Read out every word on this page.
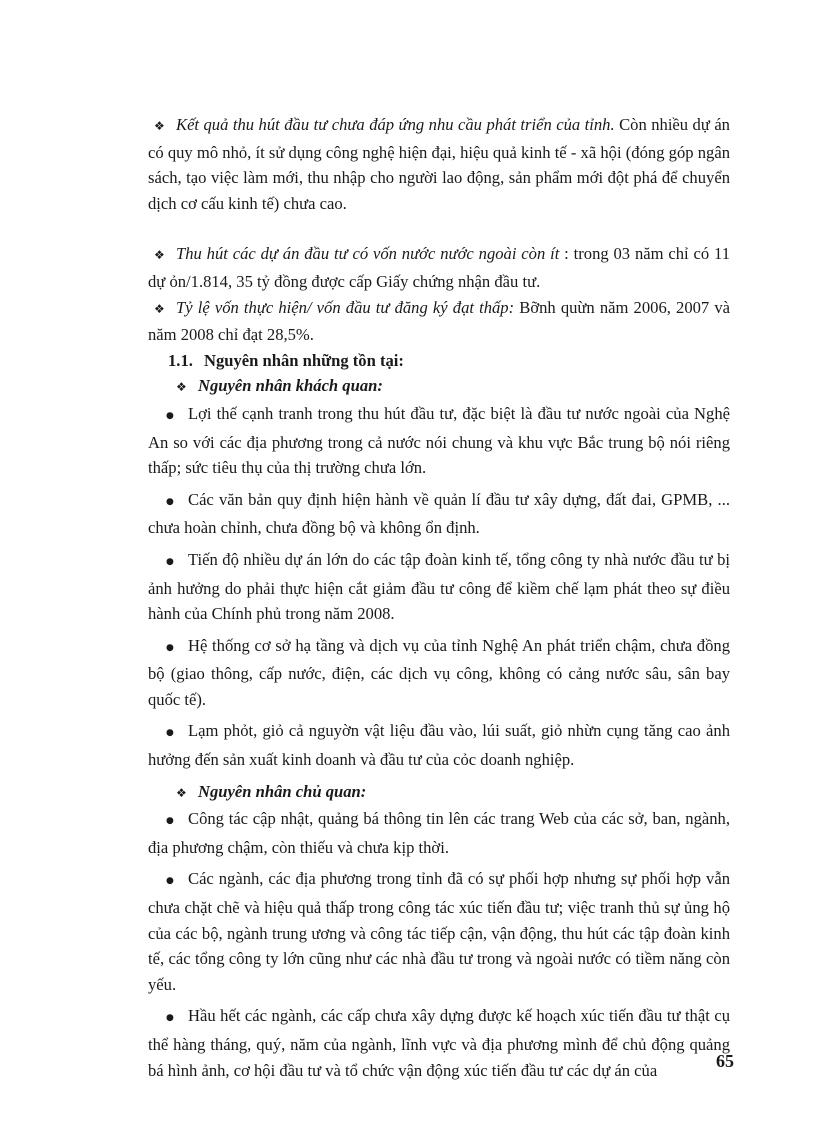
❖ Kết quả thu hút đầu tư chưa đáp ứng nhu cầu phát triển của tỉnh. Còn nhiều dự án có quy mô nhỏ, ít sử dụng công nghệ hiện đại, hiệu quả kinh tế - xã hội (đóng góp ngân sách, tạo việc làm mới, thu nhập cho người lao động, sản phẩm mới đột phá để chuyển dịch cơ cấu kinh tế) chưa cao.

❖ Thu hút các dự án đầu tư có vốn nước nước ngoài còn ít : trong 03 năm chỉ có 11 dự ỏn/1.814, 35 tỷ đồng được cấp Giấy chứng nhận đầu tư.

❖ Tỷ lệ vốn thực hiện/ vốn đầu tư đăng ký đạt thấp: Bỡnh quừn năm 2006, 2007 và năm 2008 chỉ đạt 28,5%.

1.1. Nguyên nhân những tồn tại:

❖ Nguyên nhân khách quan:

● Lợi thế cạnh tranh trong thu hút đầu tư, đặc biệt là đầu tư nước ngoài của Nghệ An so với các địa phương trong cả nước nói chung và khu vực Bắc trung bộ nói riêng thấp; sức tiêu thụ của thị trường chưa lớn.

● Các văn bản quy định hiện hành về quản lí đầu tư xây dựng, đất đai, GPMB, ... chưa hoàn chỉnh, chưa đồng bộ và không ổn định.

● Tiến độ nhiều dự án lớn do các tập đoàn kinh tế, tổng công ty nhà nước đầu tư bị ảnh hưởng do phải thực hiện cắt giảm đầu tư công để kiềm chế lạm phát theo sự điều hành của Chính phủ trong năm 2008.

● Hệ thống cơ sở hạ tầng và dịch vụ của tỉnh Nghệ An phát triển chậm, chưa đồng bộ (giao thông, cấp nước, điện, các dịch vụ công, không có cảng nước sâu, sân bay quốc tế).

● Lạm phỏt, giỏ cả nguyờn vật liệu đầu vào, lúi suất, giỏ nhừn cụng tăng cao ảnh hưởng đến sản xuất kinh doanh và đầu tư của cỏc doanh nghiệp.

❖ Nguyên nhân chủ quan:

● Công tác cập nhật, quảng bá thông tin lên các trang Web của các sở, ban, ngành, địa phương chậm, còn thiếu và chưa kịp thời.

● Các ngành, các địa phương trong tỉnh đã có sự phối hợp nhưng sự phối hợp vẫn chưa chặt chẽ và hiệu quả thấp trong công tác xúc tiến đầu tư; việc tranh thủ sự ủng hộ của các bộ, ngành trung ương và công tác tiếp cận, vận động, thu hút các tập đoàn kinh tế, các tổng công ty lớn cũng như các nhà đầu tư trong và ngoài nước có tiềm năng còn yếu.

● Hầu hết các ngành, các cấp chưa xây dựng được kế hoạch xúc tiến đầu tư thật cụ thể hàng tháng, quý, năm của ngành, lĩnh vực và địa phương mình để chủ động quảng bá hình ảnh, cơ hội đầu tư và tổ chức vận động xúc tiến đầu tư các dự án của	65
